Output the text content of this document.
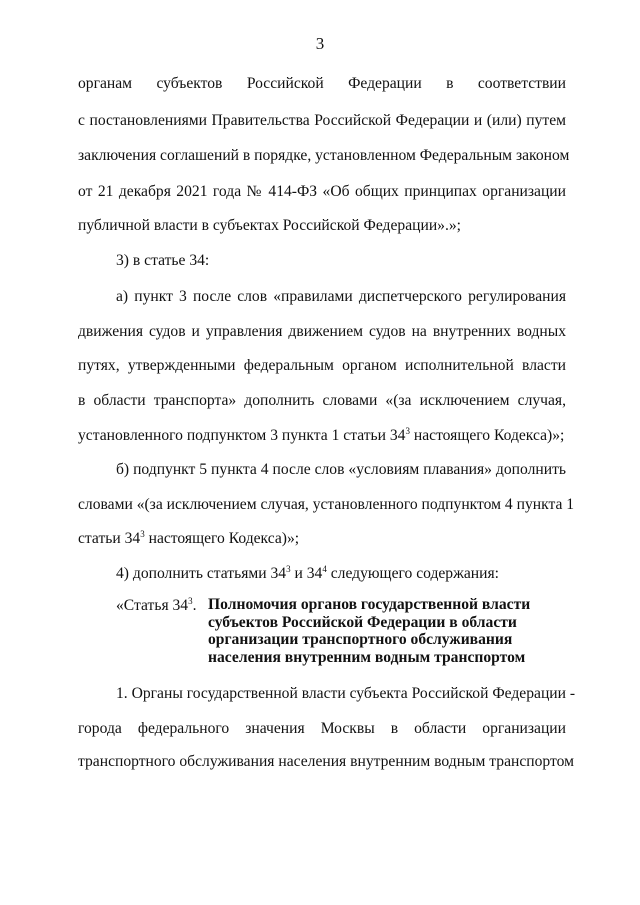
3
органам субъектов Российской Федерации в соответствии
с постановлениями Правительства Российской Федерации и (или) путем
заключения соглашений в порядке, установленном Федеральным законом
от 21 декабря 2021 года № 414-ФЗ «Об общих принципах организации
публичной власти в субъектах Российской Федерации».»;
3) в статье 34:
а) пункт 3 после слов «правилами диспетчерского регулирования
движения судов и управления движением судов на внутренних водных
путях, утвержденными федеральным органом исполнительной власти
в области транспорта» дополнить словами «(за исключением случая,
установленного подпунктом 3 пункта 1 статьи $34^3$ настоящего Кодекса)»;
б) подпункт 5 пункта 4 после слов «условиям плавания» дополнить
словами «(за исключением случая, установленного подпунктом 4 пункта 1
статьи $34^3$ настоящего Кодекса)»;
4) дополнить статьями $34^3$ и $34^4$ следующего содержания:
«Статья $34^3$. Полномочия органов государственной власти
субъектов Российской Федерации в области
организации транспортного обслуживания
населения внутренним водным транспортом
1. Органы государственной власти субъекта Российской Федерации -
города федерального значения Москвы в области организации
транспортного обслуживания населения внутренним водным транспортом
